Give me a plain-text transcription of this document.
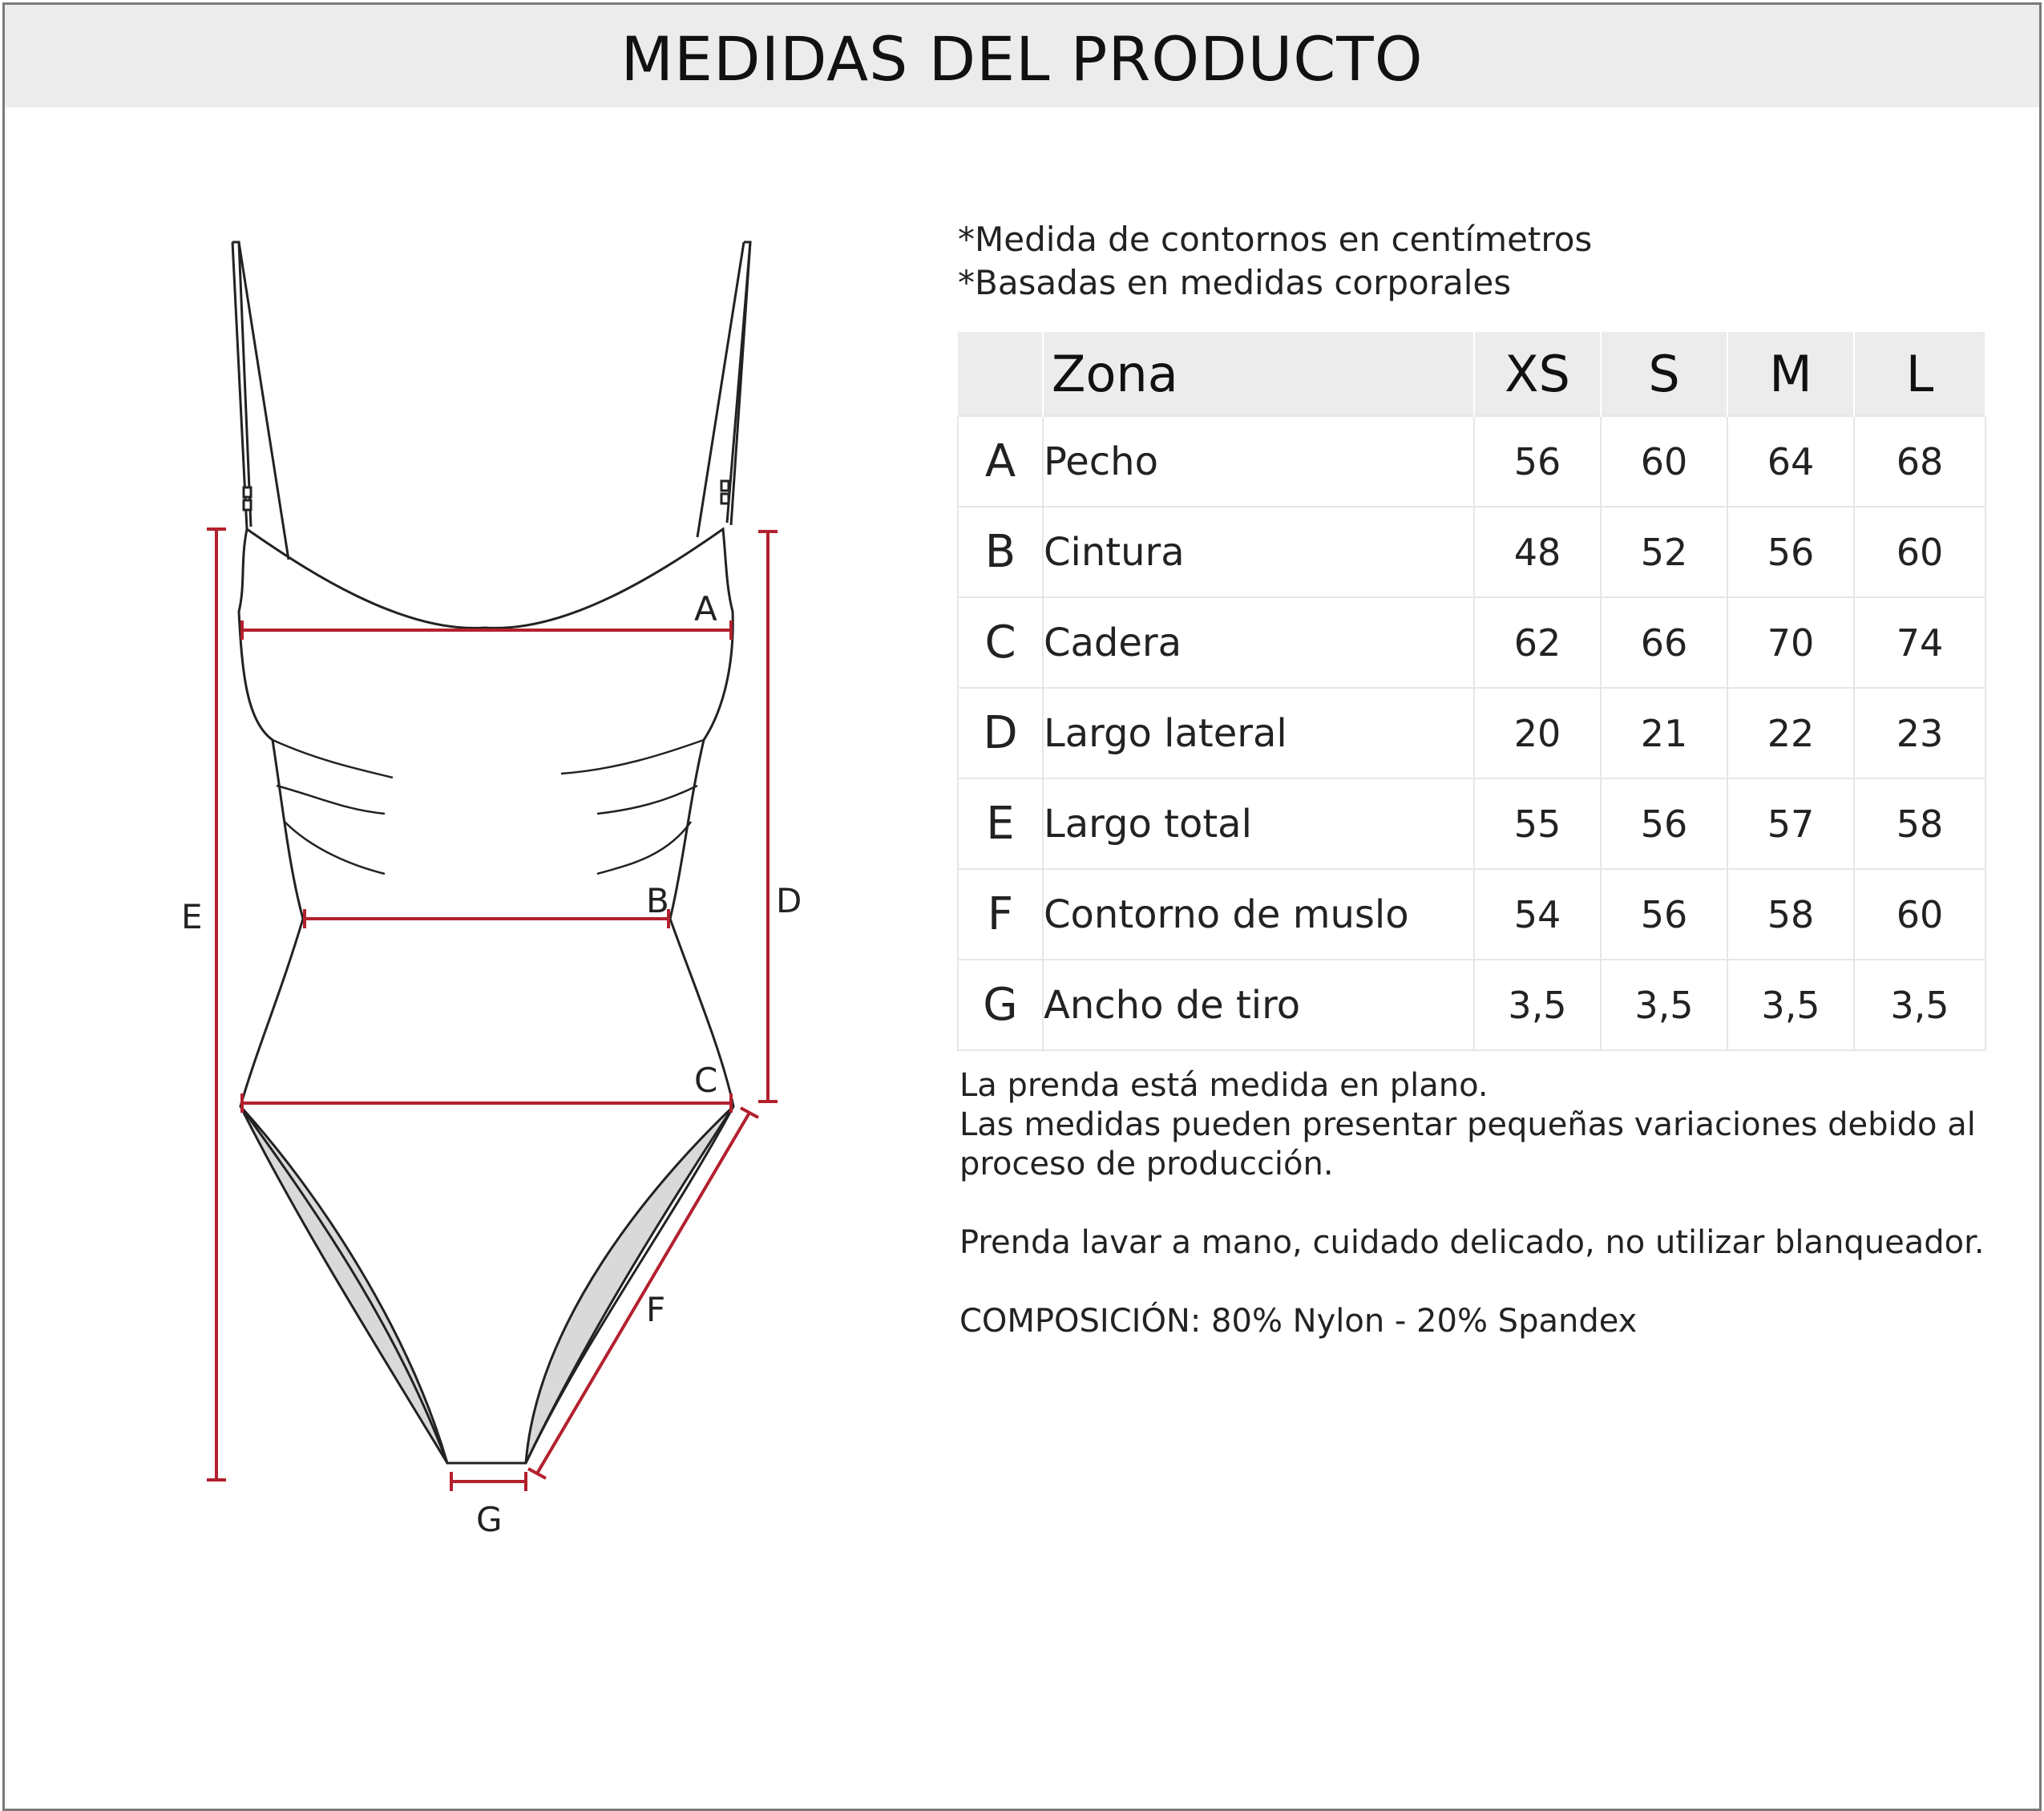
MEDIDAS DEL PRODUCTO
A
B
C
D
E
F
G
*Medida de contornos en centímetros
*Basadas en medidas corporales
	Zona	XS	S	M	L
A	Pecho	56	60	64	68
B	Cintura	48	52	56	60
C	Cadera	62	66	70	74
D	Largo lateral	20	21	22	23
E	Largo total	55	56	57	58
F	Contorno de muslo	54	56	58	60
G	Ancho de tiro	3,5	3,5	3,5	3,5

La prenda está medida en plano.

Las medidas pueden presentar pequeñas variaciones debido al proceso de producción.

Prenda lavar a mano, cuidado delicado, no utilizar blanqueador.

COMPOSICIÓN: 80% Nylon - 20% Spandex
